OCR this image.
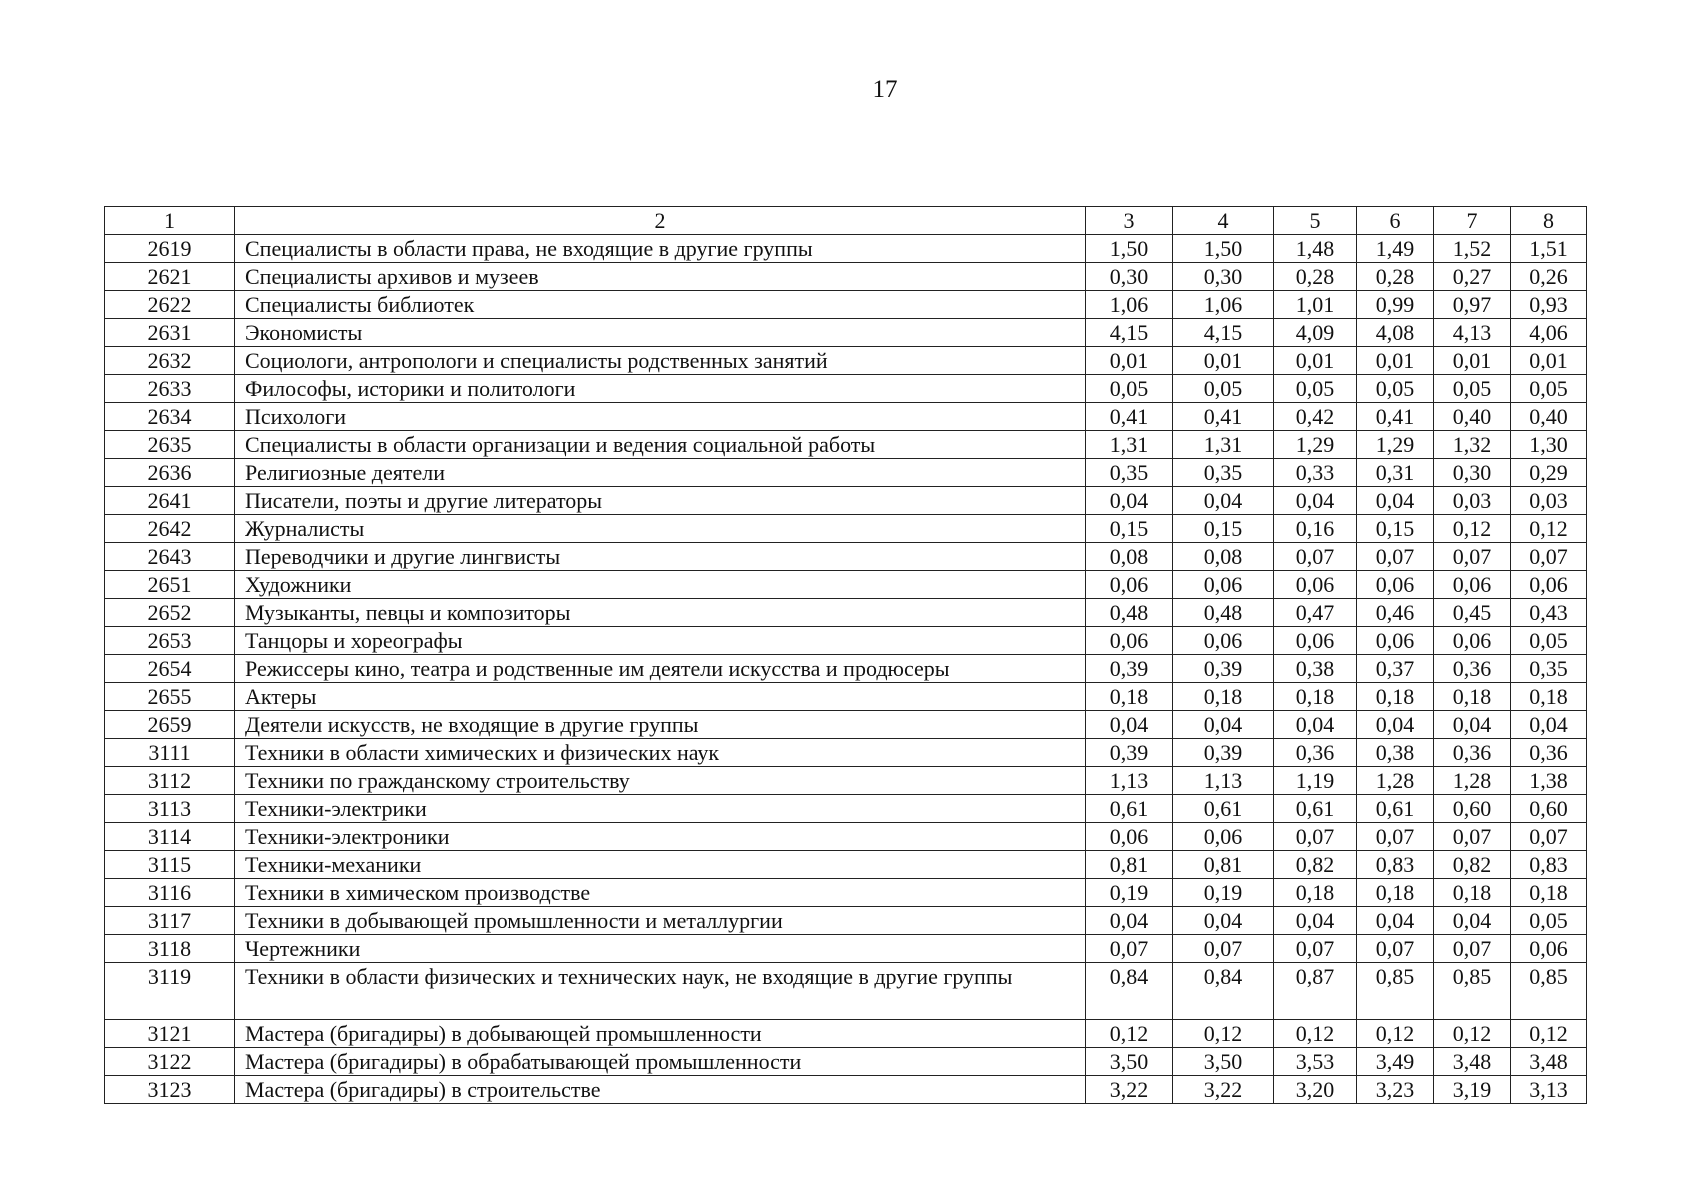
17
1	2	3	4	5	6	7	8
2619	Специалисты в области права, не входящие в другие группы	1,50	1,50	1,48	1,49	1,52	1,51
2621	Специалисты архивов и музеев	0,30	0,30	0,28	0,28	0,27	0,26
2622	Специалисты библиотек	1,06	1,06	1,01	0,99	0,97	0,93
2631	Экономисты	4,15	4,15	4,09	4,08	4,13	4,06
2632	Социологи, антропологи и специалисты родственных занятий	0,01	0,01	0,01	0,01	0,01	0,01
2633	Философы, историки и политологи	0,05	0,05	0,05	0,05	0,05	0,05
2634	Психологи	0,41	0,41	0,42	0,41	0,40	0,40
2635	Специалисты в области организации и ведения социальной работы	1,31	1,31	1,29	1,29	1,32	1,30
2636	Религиозные деятели	0,35	0,35	0,33	0,31	0,30	0,29
2641	Писатели, поэты и другие литераторы	0,04	0,04	0,04	0,04	0,03	0,03
2642	Журналисты	0,15	0,15	0,16	0,15	0,12	0,12
2643	Переводчики и другие лингвисты	0,08	0,08	0,07	0,07	0,07	0,07
2651	Художники	0,06	0,06	0,06	0,06	0,06	0,06
2652	Музыканты, певцы и композиторы	0,48	0,48	0,47	0,46	0,45	0,43
2653	Танцоры и хореографы	0,06	0,06	0,06	0,06	0,06	0,05
2654	Режиссеры кино, театра и родственные им деятели искусства и продюсеры	0,39	0,39	0,38	0,37	0,36	0,35
2655	Актеры	0,18	0,18	0,18	0,18	0,18	0,18
2659	Деятели искусств, не входящие в другие группы	0,04	0,04	0,04	0,04	0,04	0,04
3111	Техники в области химических и физических наук	0,39	0,39	0,36	0,38	0,36	0,36
3112	Техники по гражданскому строительству	1,13	1,13	1,19	1,28	1,28	1,38
3113	Техники-электрики	0,61	0,61	0,61	0,61	0,60	0,60
3114	Техники-электроники	0,06	0,06	0,07	0,07	0,07	0,07
3115	Техники-механики	0,81	0,81	0,82	0,83	0,82	0,83
3116	Техники в химическом производстве	0,19	0,19	0,18	0,18	0,18	0,18
3117	Техники в добывающей промышленности и металлургии	0,04	0,04	0,04	0,04	0,04	0,05
3118	Чертежники	0,07	0,07	0,07	0,07	0,07	0,06
3119	Техники в области физических и технических наук, не входящие в другие группы	0,84	0,84	0,87	0,85	0,85	0,85
3121	Мастера (бригадиры) в добывающей промышленности	0,12	0,12	0,12	0,12	0,12	0,12
3122	Мастера (бригадиры) в обрабатывающей промышленности	3,50	3,50	3,53	3,49	3,48	3,48
3123	Мастера (бригадиры) в строительстве	3,22	3,22	3,20	3,23	3,19	3,13
